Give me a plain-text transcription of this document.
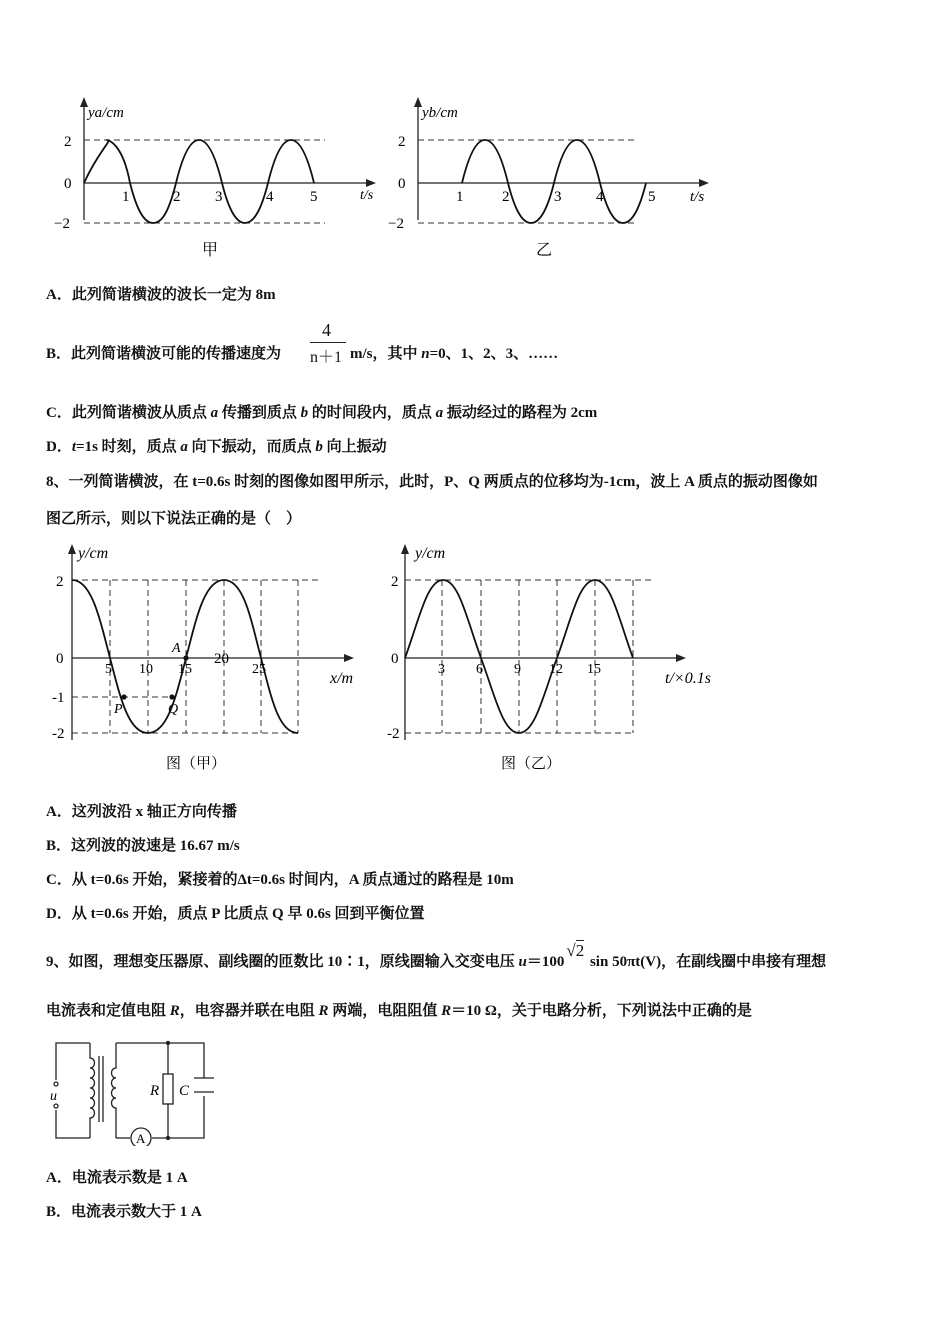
ya/cm
2
0
−2
1	2 3	4 5	t/s
甲
yb/cm
2
0
−2
1	2	3 4	5 t/s
乙
A．此列简谐横波的波长一定为 8m
B．此列简谐横波可能的传播速度为
4
n＋1 m/s，其中 n=0、1、2、3、……
C．此列简谐横波从质点 a 传播到质点 b 的时间段内，质点 a 振动经过的路程为 2cm
D．t=1s 时刻，质点 a 向下振动，而质点 b 向上振动
8、一列简谐横波，在 t=0.6s 时刻的图像如图甲所示，此时，P、Q 两质点的位移均为-1cm，波上 A 质点的振动图像如
图乙所示，则以下说法正确的是（　）
y/cm
2
0
-1
-2
5 10 15
20
25
x/m
P	Q
A
图（甲）
y/cm
2
0
-2
3 6 9 12 15
t/×0.1s
图（乙）
A．这列波沿 x 轴正方向传播
B．这列波的波速是 16.67 m/s
C．从 t=0.6s 开始，紧接着的Δt=0.6s 时间内，A 质点通过的路程是 10m
D．从 t=0.6s 开始，质点 P 比质点 Q 早 0.6s 回到平衡位置
9、如图，理想变压器原、副线圈的匝数比 10∶1，原线圈输入交变电压 u＝100√2 sin 50πt(V)，在副线圈中串接有理想
电流表和定值电阻 R，电容器并联在电阻 R 两端，电阻阻值 R＝10 Ω，关于电路分析，下列说法中正确的是
u	R C
A
A．电流表示数是 1 A
B．电流表示数大于 1 A
